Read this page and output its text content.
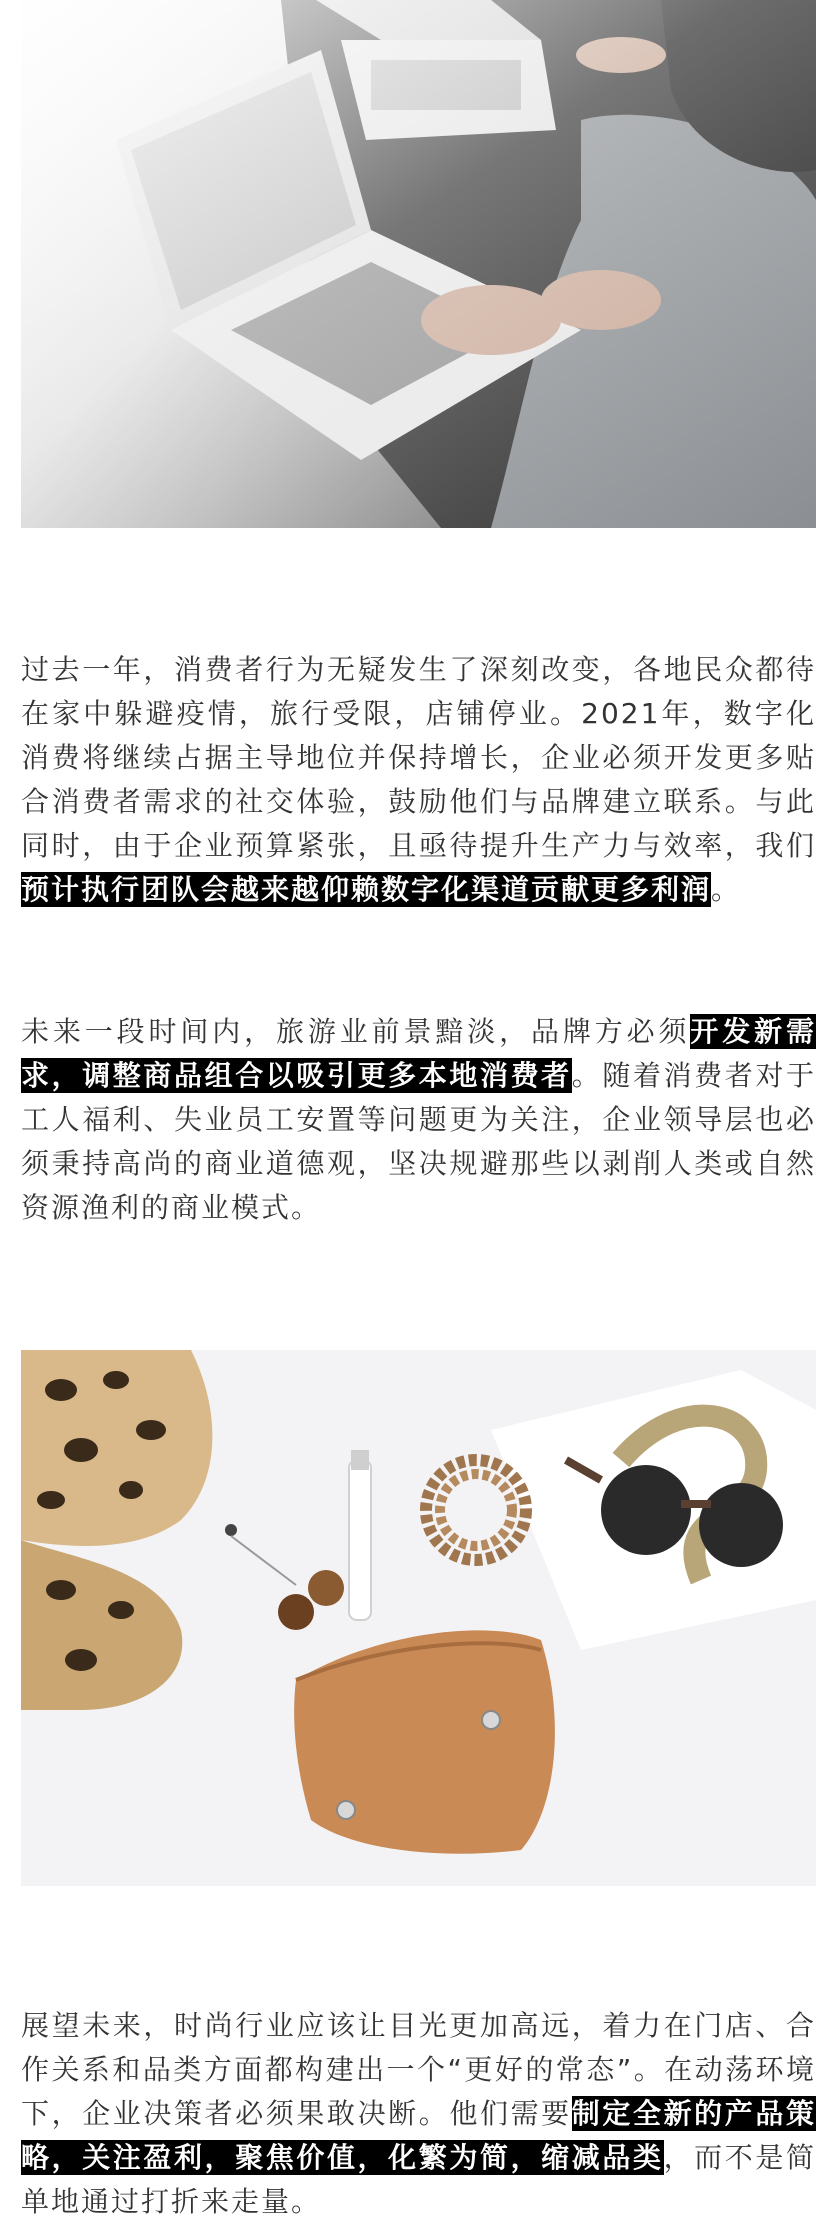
过去一年，消费者行为无疑发生了深刻改变，各地民众都待在家中躲避疫情，旅行受限，店铺停业。2021年，数字化消费将继续占据主导地位并保持增长，企业必须开发更多贴合消费者需求的社交体验，鼓励他们与品牌建立联系。与此同时，由于企业预算紧张，且亟待提升生产力与效率，我们预计执行团队会越来越仰赖数字化渠道贡献更多利润。

未来一段时间内，旅游业前景黯淡，品牌方必须开发新需求，调整商品组合以吸引更多本地消费者。随着消费者对于工人福利、失业员工安置等问题更为关注，企业领导层也必须秉持高尚的商业道德观，坚决规避那些以剥削人类或自然资源渔利的商业模式。

展望未来，时尚行业应该让目光更加高远，着力在门店、合作关系和品类方面都构建出一个“更好的常态”。在动荡环境下，企业决策者必须果敢决断。他们需要制定全新的产品策略，关注盈利，聚焦价值，化繁为简，缩减品类，而不是简单地通过打折来走量。
